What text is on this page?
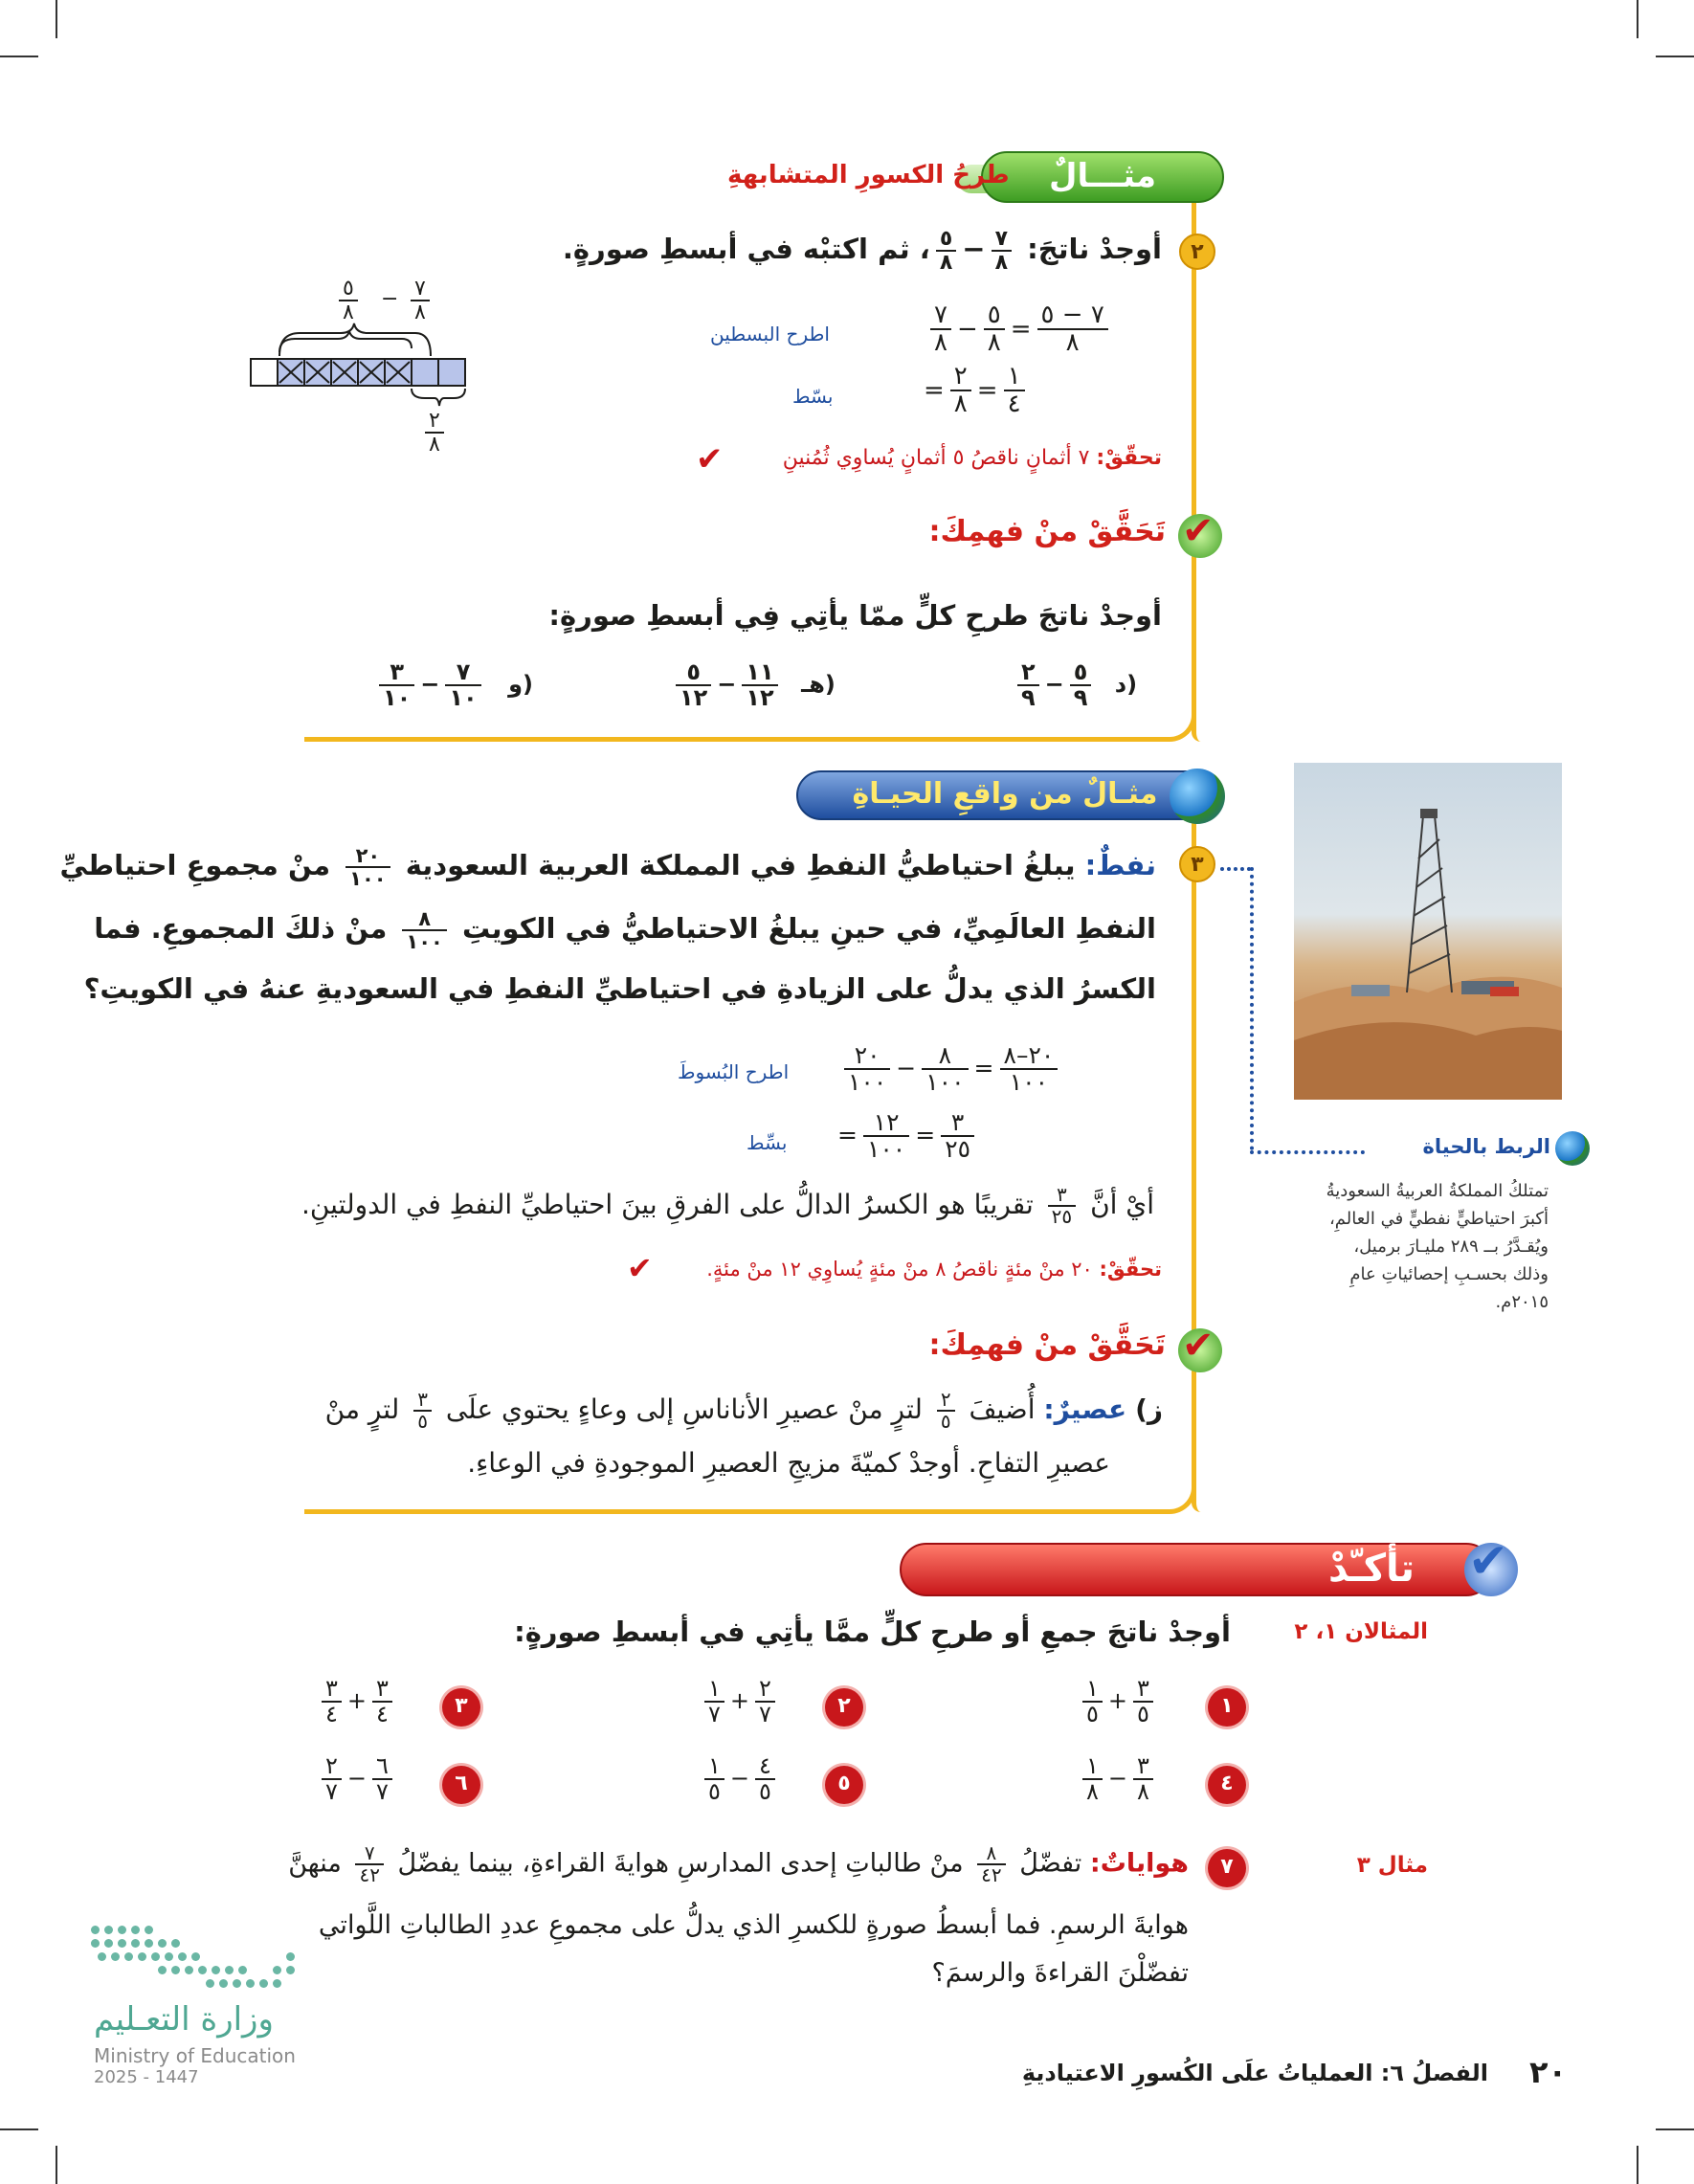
مثـــالٌ
طرحُ الكسورِ المتشابهةِ
٢
أوجدْ ناتجَ:
$\frac{٧}{٨}$
−
$\frac{٥}{٨}$
، ثم اكتبْه في أبسطِ صورةٍ.
$\frac{٥}{٨} - \frac{٧}{٨}$
$\frac{٢}{٨}$
$\frac{٧}{٨} - \frac{٥}{٨} = \frac{٧ - ٥}{٨}$
اطرح البسطين
= $\frac{٢}{٨} = \frac{١}{٤}$
بسّط
تحقّقْ: ٧ أثمانٍ ناقصُ ٥ أثمانٍ يُساوِي ثُمُنينِ
✔
✔
تَحَقَّقْ منْ فهمِكَ:
أوجدْ ناتجَ طرحِ كلٍّ ممّا يأتِي فِي أبسطِ صورةٍ:
$\frac{٢}{٩} - \frac{٥}{٩}$ د)
$\frac{٥}{١٢} - \frac{١١}{١٢}$ هـ)
$\frac{٣}{١٠} - \frac{٧}{١٠}$ و)
مثـالٌ من واقعِ الحيـاةِ
٣
نفطٌ: يبلغُ احتياطيُّ النفطِ في المملكة العربية السعودية
$\frac{٢٠}{١٠٠}$
منْ مجموعِ احتياطيِّ
النفطِ العالَمِيِّ، في حينِ يبلغُ الاحتياطيُّ في الكويتِ
$\frac{٨}{١٠٠}$
منْ ذلكَ المجموعِ. فما
الكسرُ الذي يدلُّ على الزيادةِ في احتياطيِّ النفطِ في السعوديةِ عنهُ في الكويتِ؟
$\frac{٢٠}{١٠٠} - \frac{٨}{١٠٠} = \frac{٢٠-٨}{١٠٠}$
اطرح البُسوطَ
= $\frac{١٢}{١٠٠} = \frac{٣}{٢٥}$
بسِّط
أيْ أنَّ
$\frac{٣}{٢٥}$
تقريبًا هو الكسرُ الدالُّ على الفرقِ بينَ احتياطيِّ النفطِ في الدولتينِ.
تحقّقْ: ٢٠ منْ مئةٍ ناقصُ ٨ منْ مئةٍ يُساوِي ١٢ منْ مئةٍ.
✔
الربط بالحياة
تمتلكُ المملكةُ العربيةُ السعوديةُ
أكبرَ احتياطيٍّ نفطيٍّ في العالمِ،
ويُقـدَّرُ بــ ٢٨٩ مليـارَ برميل،
وذلك بحسـبِ إحصائياتِ عامِ
٢٠١٥م.
✔
تَحَقَّقْ منْ فهمِكَ:
ز) عصيرٌ: أُضيفَ
$\frac{٢}{٥}$
لترٍ منْ عصيرِ الأناناسِ إلى وعاءٍ يحتوي علَى
$\frac{٣}{٥}$
لترٍ منْ
عصيرِ التفاحِ. أوجدْ كميّةَ مزيجِ العصيرِ الموجودةِ في الوعاءِ.
تأكـّدْ	✔
المثالان ١، ٢
أوجدْ ناتجَ جمعِ أو طرحِ كلٍّ ممَّا يأتِي في أبسطِ صورةٍ:
١
$\frac{١}{٥} + \frac{٣}{٥}$
٢
$\frac{١}{٧} + \frac{٢}{٧}$
٣
$\frac{٣}{٤} + \frac{٣}{٤}$
٤
$\frac{١}{٨} - \frac{٣}{٨}$
٥
$\frac{١}{٥} - \frac{٤}{٥}$
٦
$\frac{٢}{٧} - \frac{٦}{٧}$
مثال ٣
٧
هواياتٌ: تفضّلُ
$\frac{٨}{٤٢}$
منْ طالباتِ إحدى المدارسِ هوايةَ القراءةِ، بينما يفضّلُ
$\frac{٧}{٤٢}$
منهنَّ
هوايةَ الرسمِ. فما أبسطُ صورةٍ للكسرِ الذي يدلُّ على مجموعِ عددِ الطالباتِ اللَّواتي
تفضّلْنَ القراءةَ والرسمَ؟
وزارة التعـليم
Ministry of Education
2025 - 1447	٢٠
الفصلُ ٦: العملياتُ علَى الكُسورِ الاعتياديةِ
